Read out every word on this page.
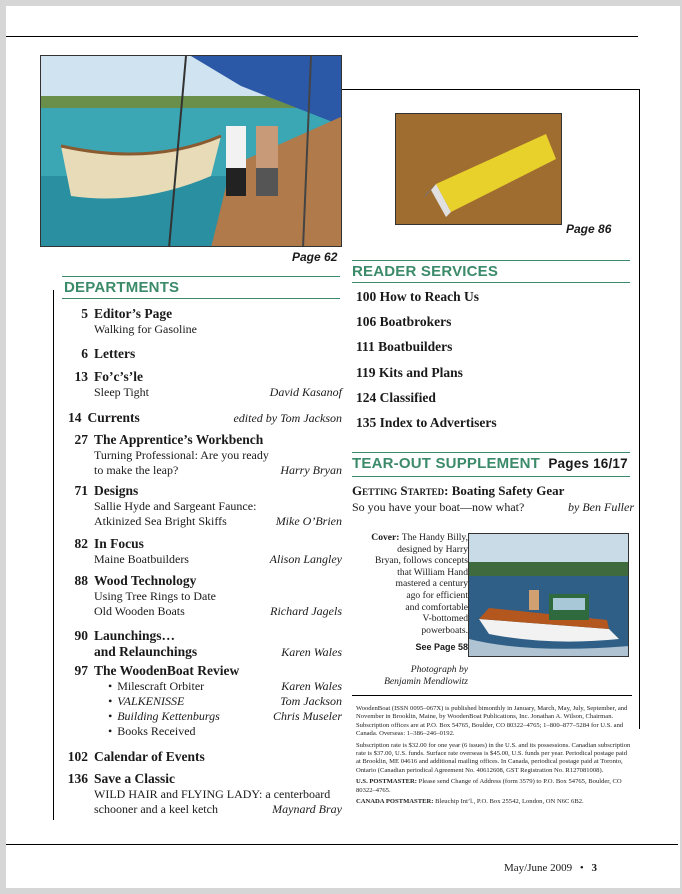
Page 62
Page 86
DEPARTMENTS
5 Editor’s Page
Walking for Gasoline
6 Letters
13 Fo’c’s’le
Sleep Tight	David Kasanof
14 Currents	edited by Tom Jackson
27 The Apprentice’s Workbench
Turning Professional: Are you ready
to make the leap?	Harry Bryan
71 Designs
Sallie Hyde and Sargeant Faunce:
Atkinized Sea Bright Skiffs	Mike O’Brien
82 In Focus
Maine Boatbuilders	Alison Langley
88 Wood Technology
Using Tree Rings to Date
Old Wooden Boats	Richard Jagels
90 Launchings…
and Relaunchings	Karen Wales
97 The WoodenBoat Review
• Milescraft Orbiter	Karen Wales
• VALKENISSE	Tom Jackson
• Building Kettenburgs	Chris Museler
• Books Received
102 Calendar of Events
136 Save a Classic
WILD HAIR and FLYING LADY: a centerboard
schooner and a keel ketch	Maynard Bray
READER SERVICES
100 How to Reach Us
106 Boatbrokers
111 Boatbuilders
119 Kits and Plans
124 Classified
135 Index to Advertisers
TEAR-OUT SUPPLEMENT Pages 16/17
Getting Started: Boating Safety Gear
So you have your boat—now what?	by Ben Fuller
Cover: The Handy Billy,
designed by Harry
Bryan, follows concepts
that William Hand
mastered a century
ago for efficient
and comfortable
V-bottomed
powerboats.
See Page 58
Photograph by
Benjamin Mendlowitz

WoodenBoat (ISSN 0095–067X) is published bimonthly in January, March, May, July, September, and November in Brooklin, Maine, by WoodenBoat Publications, Inc. Jonathan A. Wilson, Chairman. Subscription offices are at P.O. Box 54765, Boulder, CO 80322–4765; 1–800–877–5284 for U.S. and Canada. Overseas: 1–386–246–0192.

Subscription rate is $32.00 for one year (6 issues) in the U.S. and its possessions. Canadian subscription rate is $37.00, U.S. funds. Surface rate overseas is $45.00, U.S. funds per year. Periodical postage paid at Brooklin, ME 04616 and additional mailing offices. In Canada, periodical postage paid at Toronto, Ontario (Canadian periodical Agreement No. 40612608, GST Registration No. R127081008).

U.S. POSTMASTER: Please send Change of Address (form 3579) to P.O. Box 54765, Boulder, CO 80322–4765.

CANADA POSTMASTER: Bleuchip Int’l., P.O. Box 25542, London, ON N6C 6B2.

May/June 2009 • 3
